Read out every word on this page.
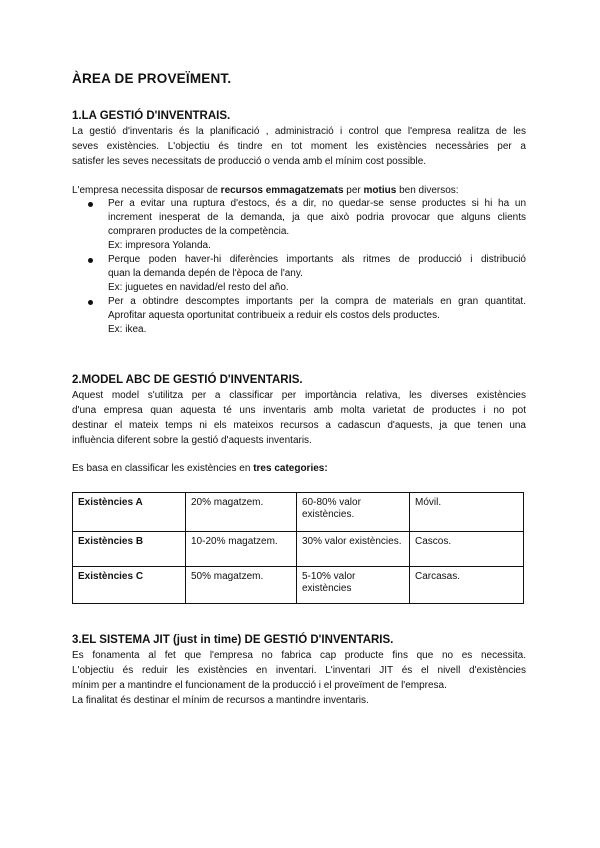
ÀREA DE PROVEÏMENT.
1.LA GESTIÓ D'INVENTRAIS.

La gestió d'inventaris és la planificació , administració i control que l'empresa realitza de les
seves existències. L'objectiu és tindre en tot moment les existències necessàries per a
satisfer les seves necessitats de producció o venda amb el mínim cost possible.

L'empresa necessita disposar de recursos emmagatzemats per motius ben diversos:

Per a evitar una ruptura d'estocs, és a dir, no quedar-se sense productes si hi ha un
increment inesperat de la demanda, ja que això podria provocar que alguns clients
compraren productes de la competència.
Ex: impresora Yolanda.
Perque poden haver-hi diferències importants als ritmes de producció i distribució
quan la demanda depén de l'època de l'any.
Ex: juguetes en navidad/el resto del año.
Per a obtindre descomptes importants per la compra de materials en gran quantitat.
Aprofitar aquesta oportunitat contribueix a reduir els costos dels productes.
Ex: ikea.
2.MODEL ABC DE GESTIÓ D'INVENTARIS.

Aquest model s'utilitza per a classificar per importància relativa, les diverses existències
d'una empresa quan aquesta té uns inventaris amb molta varietat de productes i no pot
destinar el mateix temps ni els mateixos recursos a cadascun d'aquests, ja que tenen una
influència diferent sobre la gestió d'aquests inventaris.

Es basa en classificar les existències en tres categories:

Existències A	20% magatzem.	60-80% valor existències.	Móvil.
Existències B	10-20% magatzem.	30% valor existències.	Cascos.
Existències C	50% magatzem.	5-10% valor existències	Carcasas.
3.EL SISTEMA JIT (just in time) DE GESTIÓ D'INVENTARIS.

Es fonamenta al fet que l'empresa no fabrica cap producte fins que no es necessita.
L'objectiu és reduir les existències en inventari. L'inventari JIT és el nivell d'existències
mínim per a mantindre el funcionament de la producció i el proveïment de l'empresa.
La finalitat és destinar el mínim de recursos a mantindre inventaris.
